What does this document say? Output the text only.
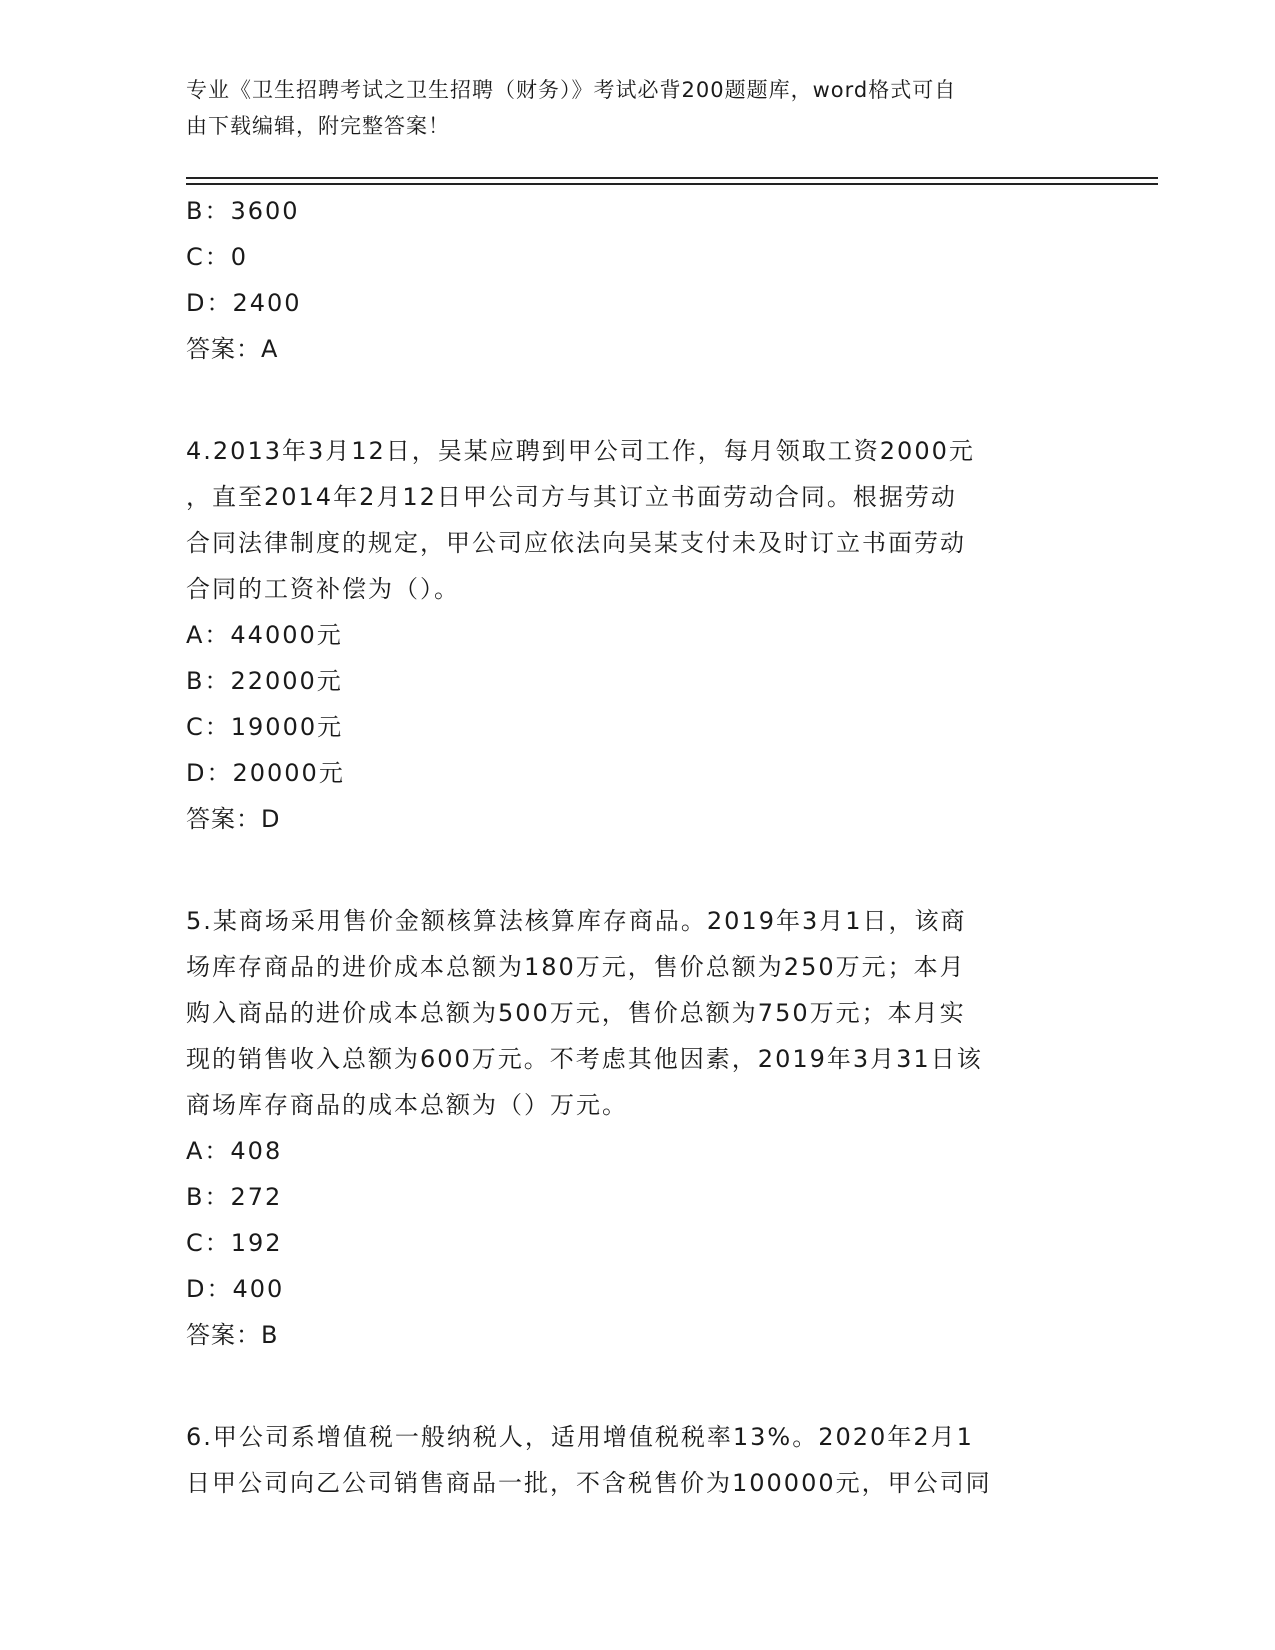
专业《卫生招聘考试之卫生招聘（财务）》考试必背200题题库，word格式可自
由下载编辑，附完整答案！
B：3600
C：0
D：2400
答案：A
4.2013年3月12日，吴某应聘到甲公司工作，每月领取工资2000元
，直至2014年2月12日甲公司方与其订立书面劳动合同。根据劳动
合同法律制度的规定，甲公司应依法向吴某支付未及时订立书面劳动
合同的工资补偿为（）。
A：44000元
B：22000元
C：19000元
D：20000元
答案：D
5.某商场采用售价金额核算法核算库存商品。2019年3月1日，该商
场库存商品的进价成本总额为180万元，售价总额为250万元；本月
购入商品的进价成本总额为500万元，售价总额为750万元；本月实
现的销售收入总额为600万元。不考虑其他因素，2019年3月31日该
商场库存商品的成本总额为（）万元。
A：408
B：272
C：192
D：400
答案：B
6.甲公司系增值税一般纳税人，适用增值税税率13%。2020年2月1
日甲公司向乙公司销售商品一批，不含税售价为100000元，甲公司同
